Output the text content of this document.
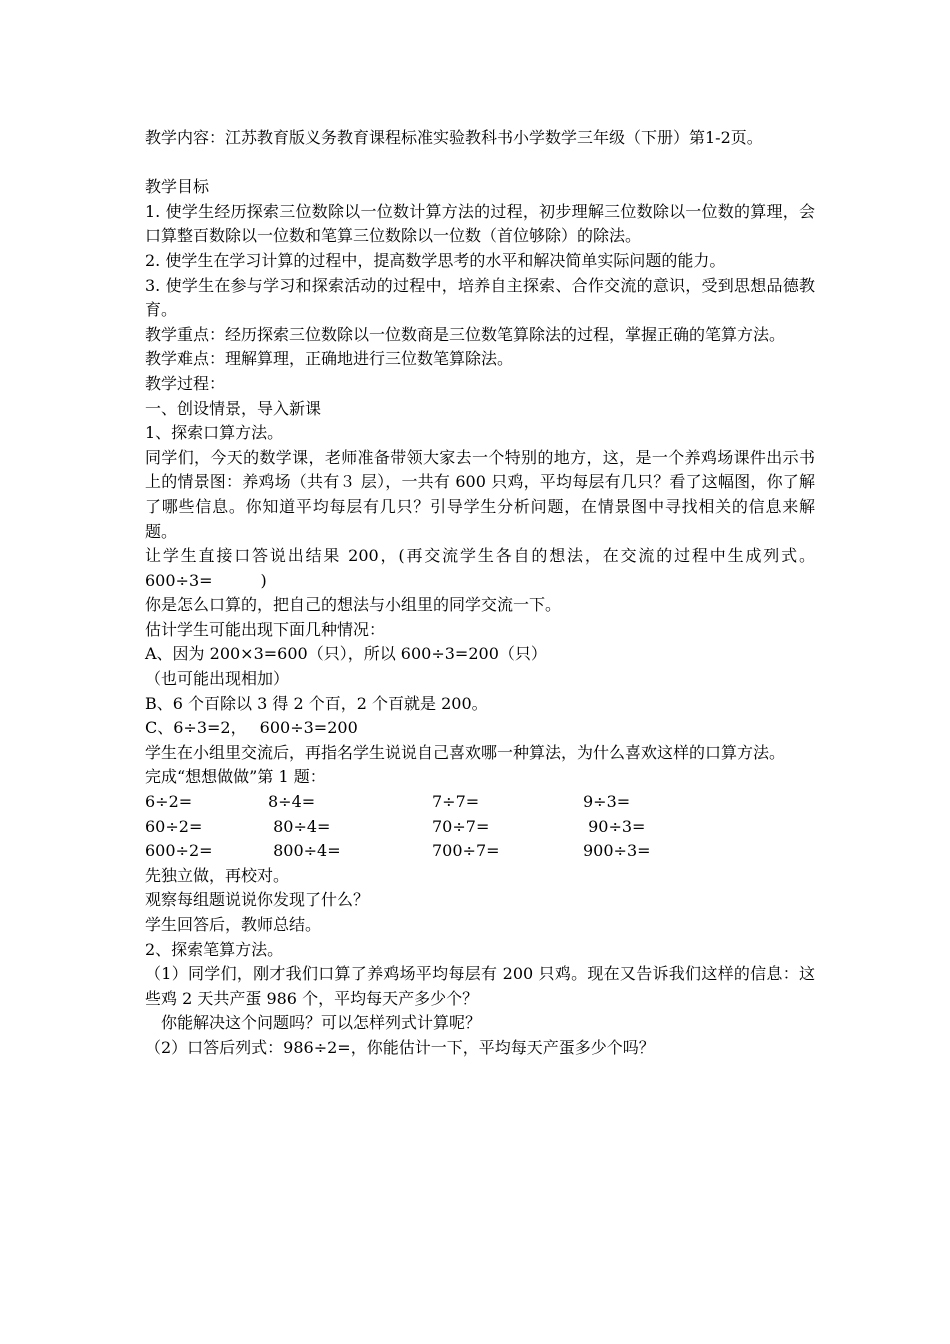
教学内容：江苏教育版义务教育课程标准实验教科书小学数学三年级（下册）第1-2页。
教学目标
1. 使学生经历探索三位数除以一位数计算方法的过程，初步理解三位数除以一位数的算理，会口算整百数除以一位数和笔算三位数除以一位数（首位够除）的除法。
2. 使学生在学习计算的过程中，提高数学思考的水平和解决简单实际问题的能力。
3. 使学生在参与学习和探索活动的过程中，培养自主探索、合作交流的意识，受到思想品德教育。
教学重点：经历探索三位数除以一位数商是三位数笔算除法的过程，掌握正确的笔算方法。
教学难点：理解算理，正确地进行三位数笔算除法。
教学过程：
一、创设情景，导入新课
1、探索口算方法。
同学们，今天的数学课，老师准备带领大家去一个特别的地方，这，是一个养鸡场课件出示书上的情景图：养鸡场（共有３ 层），一共有 600 只鸡，平均每层有几只？看了这幅图，你了解了哪些信息。你知道平均每层有几只？引导学生分析问题，在情景图中寻找相关的信息来解题。
让学生直接口答说出结果 200，(再交流学生各自的想法，在交流的过程中生成列式。600÷3=　　　)
你是怎么口算的，把自己的想法与小组里的同学交流一下。
估计学生可能出现下面几种情况：
A、因为 200×3=600（只），所以 600÷3=200（只）
（也可能出现相加）
B、6 个百除以 3 得 2 个百，2 个百就是 200。
C、6÷3=2，　 600÷3=200
学生在小组里交流后，再指名学生说说自己喜欢哪一种算法，为什么喜欢这样的口算方法。
完成“想想做做”第 1 题：
6÷2=	8÷4=	7÷7=	9÷3=
60÷2=	80÷4=	70÷7=	90÷3=
600÷2=	800÷4=	700÷7=	900÷3=
先独立做，再校对。
观察每组题说说你发现了什么？
学生回答后，教师总结。
2、探索笔算方法。
（1）同学们，刚才我们口算了养鸡场平均每层有 200 只鸡。现在又告诉我们这样的信息：这些鸡 2 天共产蛋 986 个，平均每天产多少个？
你能解决这个问题吗？可以怎样列式计算呢？
（2）口答后列式：986÷2=，你能估计一下，平均每天产蛋多少个吗？
